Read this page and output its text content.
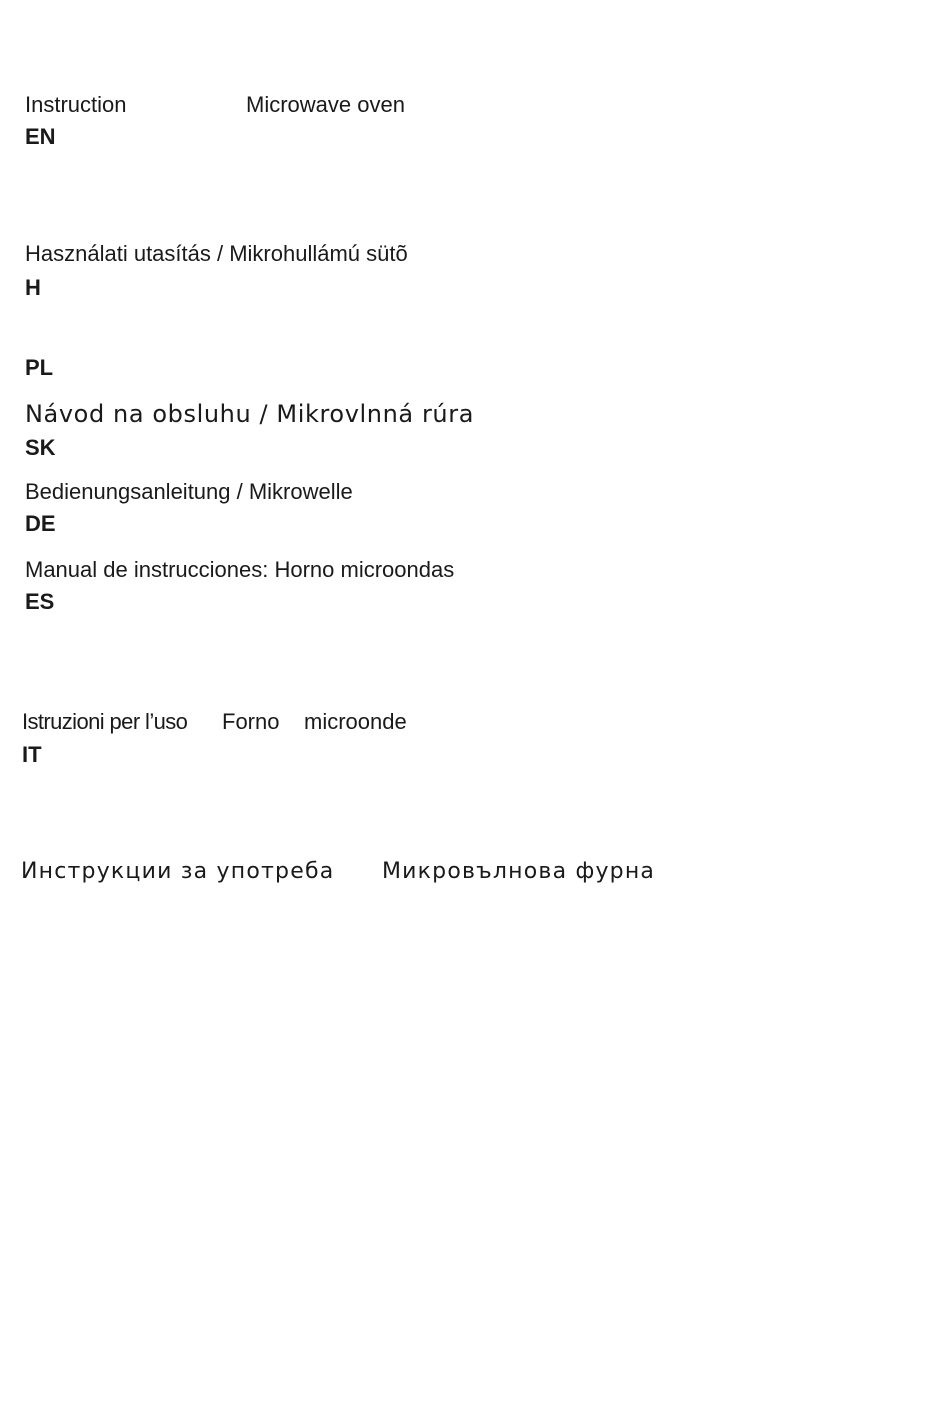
Instruction	Microwave oven
EN
Használati utasítás / Mikrohullámú sütõ
H
PL
Návod na obsluhu / Mikrovlnná rúra
SK
Bedienungsanleitung / Mikrowelle
DE
Manual de instrucciones: Horno microondas
ES
Istruzioni per l’uso Forno microonde
IT
Инструкции за употреба Микровълнова фурна
